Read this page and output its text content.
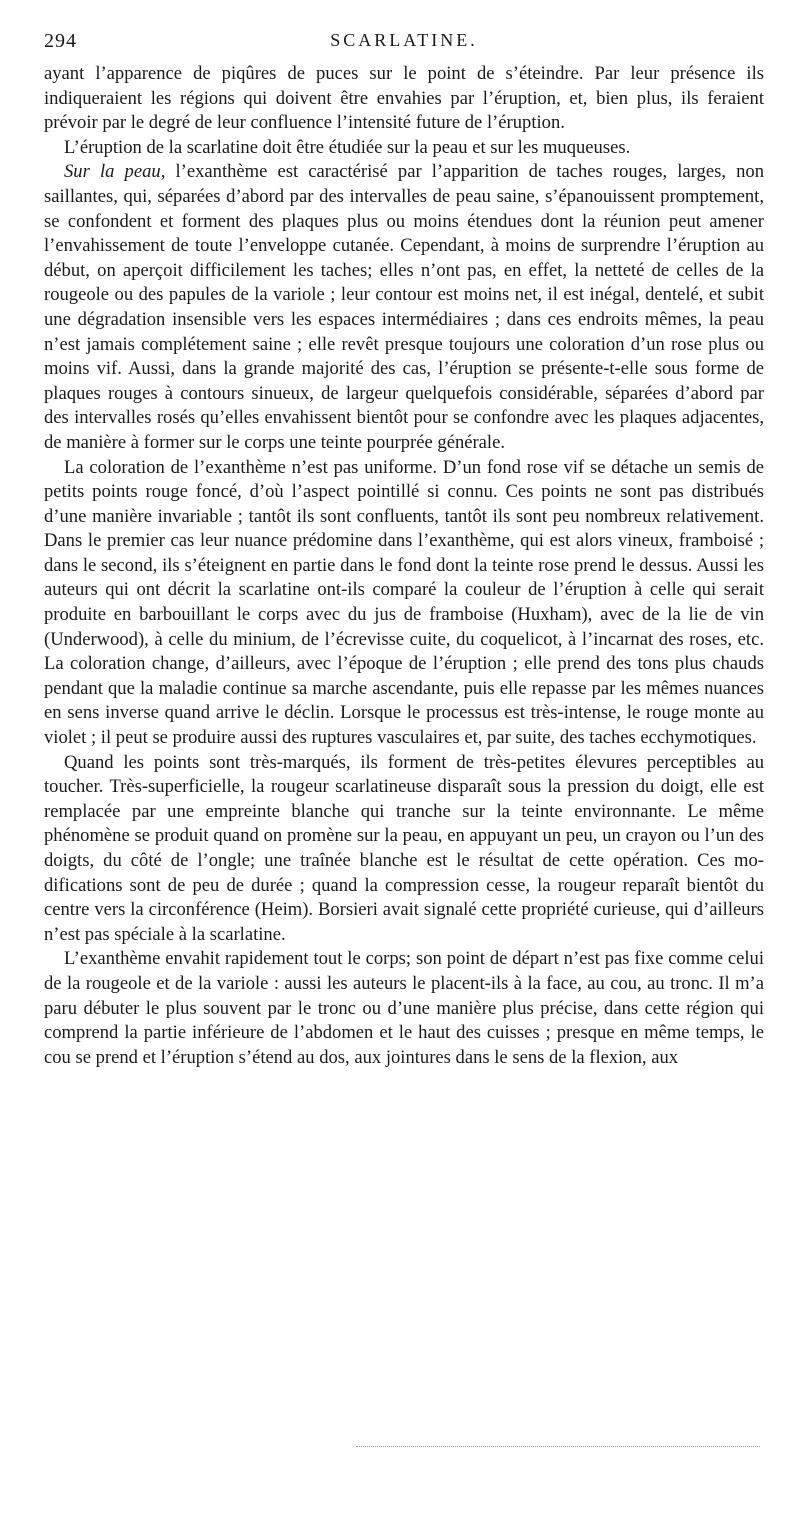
294	SCARLATINE.

ayant l’apparence de piqûres de puces sur le point de s’éteindre. Par leur présence ils indiqueraient les régions qui doivent être envahies par l’éruption, et, bien plus, ils feraient prévoir par le degré de leur confluence l’intensité future de l’éruption.

L’éruption de la scarlatine doit être étudiée sur la peau et sur les muqueuses.

Sur la peau, l’exanthème est caractérisé par l’apparition de taches rouges, larges, non saillantes, qui, séparées d’abord par des intervalles de peau saine, s’épanouissent promptement, se confondent et forment des plaques plus ou moins étendues dont la réunion peut amener l’envahissement de toute l’enveloppe cutanée. Cependant, à moins de surprendre l’éruption au début, on aperçoit difficilement les taches; elles n’ont pas, en effet, la netteté de celles de la rougeole ou des papules de la variole ; leur contour est moins net, il est inégal, dentelé, et subit une dégradation insensible vers les espaces intermédiaires ; dans ces endroits mêmes, la peau n’est jamais complétement saine ; elle revêt presque toujours une coloration d’un rose plus ou moins vif. Aussi, dans la grande majorité des cas, l’éruption se présente-t-elle sous forme de plaques rouges à contours sinueux, de largeur quelquefois considérable, séparées d’abord par des intervalles rosés qu’elles envahissent bientôt pour se confondre avec les plaques adjacentes, de manière à former sur le corps une teinte pourprée générale.

La coloration de l’exanthème n’est pas uniforme. D’un fond rose vif se détache un semis de petits points rouge foncé, d’où l’aspect pointillé si connu. Ces points ne sont pas distribués d’une manière invariable ; tantôt ils sont confluents, tantôt ils sont peu nombreux relativement. Dans le premier cas leur nuance prédomine dans l’exanthème, qui est alors vineux, framboisé ; dans le second, ils s’éteignent en partie dans le fond dont la teinte rose prend le dessus. Aussi les auteurs qui ont décrit la scarlatine ont-ils comparé la couleur de l’éruption à celle qui serait produite en barbouillant le corps avec du jus de framboise (Huxham), avec de la lie de vin (Underwood), à celle du minium, de l’écrevisse cuite, du coquelicot, à l’incarnat des roses, etc. La coloration change, d’ailleurs, avec l’époque de l’éruption ; elle prend des tons plus chauds pendant que la maladie continue sa marche ascendante, puis elle repasse par les mêmes nuances en sens inverse quand arrive le déclin. Lorsque le processus est très-intense, le rouge monte au violet ; il peut se produire aussi des ruptures vasculaires et, par suite, des taches ecchymotiques.

Quand les points sont très-marqués, ils forment de très-petites élevures perceptibles au toucher. Très-superficielle, la rougeur scarlatineuse disparaît sous la pression du doigt, elle est remplacée par une empreinte blanche qui tranche sur la teinte environnante. Le même phénomène se produit quand on promène sur la peau, en appuyant un peu, un crayon ou l’un des doigts, du côté de l’ongle; une traînée blanche est le résultat de cette opération. Ces modifications sont de peu de durée ; quand la compression cesse, la rougeur reparaît bientôt du centre vers la circonférence (Heim). Borsieri avait signalé cette propriété curieuse, qui d’ailleurs n’est pas spéciale à la scarlatine.

L’exanthème envahit rapidement tout le corps; son point de départ n’est pas fixe comme celui de la rougeole et de la variole : aussi les auteurs le placent-ils à la face, au cou, au tronc. Il m’a paru débuter le plus souvent par le tronc ou d’une manière plus précise, dans cette région qui comprend la partie inférieure de l’abdomen et le haut des cuisses ; presque en même temps, le cou se prend et l’éruption s’étend au dos, aux jointures dans le sens de la flexion, aux
